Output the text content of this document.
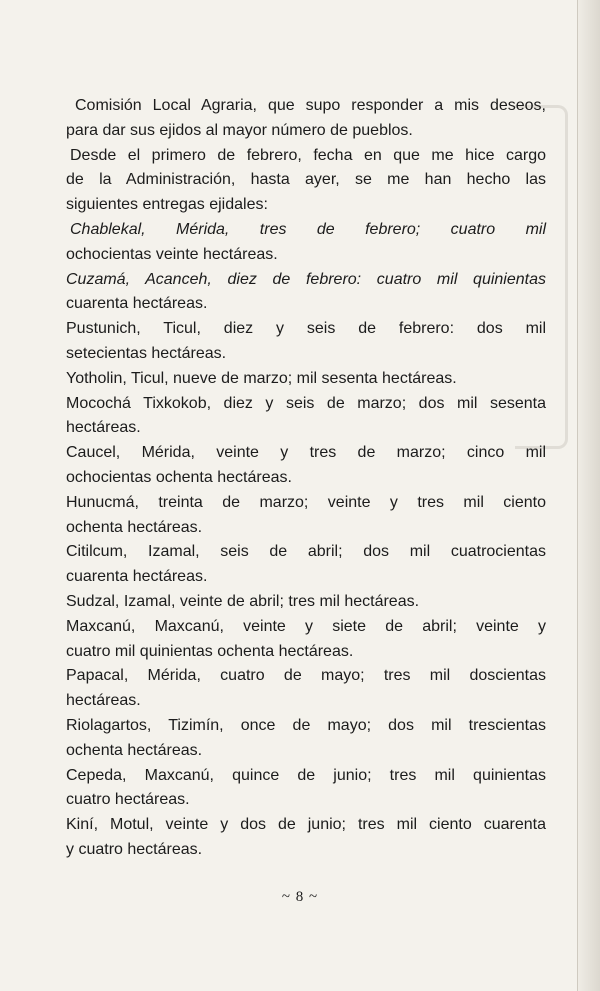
Comisión Local Agraria, que supo responder a mis deseos,
para dar sus ejidos al mayor número de pueblos.
Desde el primero de febrero, fecha en que me hice cargo
de la Administración, hasta ayer, se me han hecho las
siguientes entregas ejidales:
Chablekal, Mérida, tres de febrero; cuatro mil
ochocientas veinte hectáreas.
Cuzamá, Acanceh, diez de febrero: cuatro mil quinientas
cuarenta hectáreas.
Pustunich, Ticul, diez y seis de febrero: dos mil
setecientas hectáreas.
Yotholin, Ticul, nueve de marzo; mil sesenta hectáreas.
Mocochá Tixkokob, diez y seis de marzo; dos mil sesenta
hectáreas.
Caucel, Mérida, veinte y tres de marzo; cinco mil
ochocientas ochenta hectáreas.
Hunucmá, treinta de marzo; veinte y tres mil ciento
ochenta hectáreas.
Citilcum, Izamal, seis de abril; dos mil cuatrocientas
cuarenta hectáreas.
Sudzal, Izamal, veinte de abril; tres mil hectáreas.
Maxcanú, Maxcanú, veinte y siete de abril; veinte y
cuatro mil quinientas ochenta hectáreas.
Papacal, Mérida, cuatro de mayo; tres mil doscientas
hectáreas.
Riolagartos, Tizimín, once de mayo; dos mil trescientas
ochenta hectáreas.
Cepeda, Maxcanú, quince de junio; tres mil quinientas
cuatro hectáreas.
Kiní, Motul, veinte y dos de junio; tres mil ciento cuarenta
y cuatro hectáreas.
~ 8 ~
